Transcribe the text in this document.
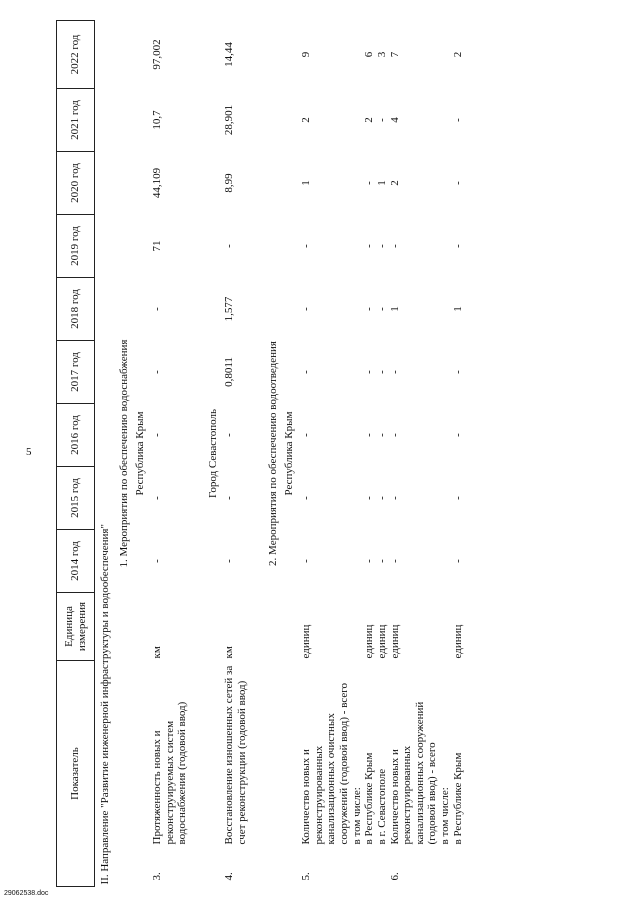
5
29062538.doc
Показатель		Единица измерения	2014 год	2015 год	2016 год	2017 год	2018 год	2019 год	2020 год	2021 год	2022 год
II. Направление "Развитие инженерной инфраструктуры и водообеспечения"											
1. Мероприятия по обеспечению водоснабжения											
Республика Крым											
3.	Протяженность новых и реконструируемых систем водоснабжения (годовой ввод)	км	-	-	-	-	-	71	44,109	10,7	97,002

Город Севастополь											
4.	Восстановление изношенных сетей за счет реконструкции (годовой ввод)	км	-	-	-	0,8011	1,577	-	8,99	28,901	14,44

2. Мероприятия по обеспечению водоотведения											
Республика Крым											
5.	Количество новых и реконструированных канализационных очистных сооружений (годовой ввод) - всего	единиц	-	-	-	-	-	-	1	2	9
	в том числе:										
	в Республике Крым	единиц	-	-	-	-	-	-	-	2	6
	в г. Севастополе	единиц	-	-	-	-	-	-	1	-	3
6.	Количество новых и реконструированных канализационных сооружений (годовой ввод) - всего	единиц	-	-	-	-	1	-	2	4	7
	в том числе:										
	в Республике Крым	единиц	-	-	-	-	1	-	-	-	2
